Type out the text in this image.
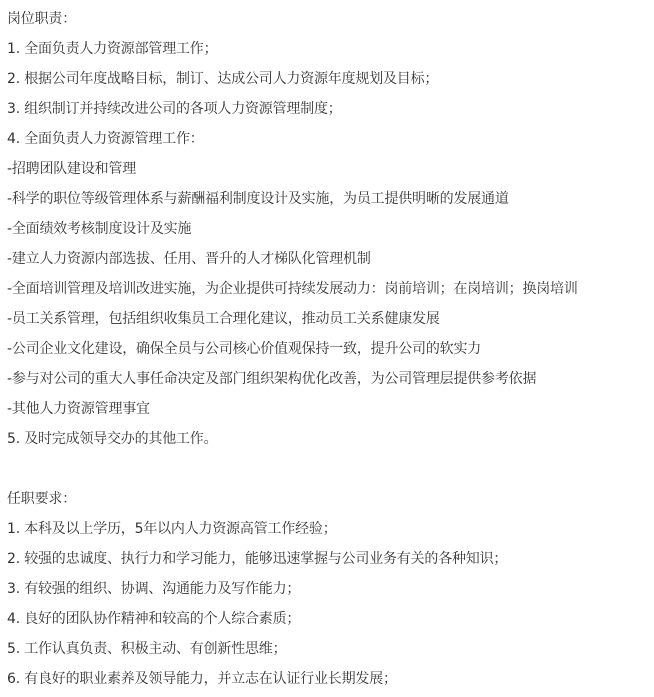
岗位职责：
1. 全面负责人力资源部管理工作；
2. 根据公司年度战略目标，制订、达成公司人力资源年度规划及目标；
3. 组织制订并持续改进公司的各项人力资源管理制度；
4. 全面负责人力资源管理工作：
-招聘团队建设和管理
-科学的职位等级管理体系与薪酬福利制度设计及实施，为员工提供明晰的发展通道
-全面绩效考核制度设计及实施
-建立人力资源内部选拔、任用、晋升的人才梯队化管理机制
-全面培训管理及培训改进实施，为企业提供可持续发展动力：岗前培训；在岗培训；换岗培训
-员工关系管理，包括组织收集员工合理化建议，推动员工关系健康发展
-公司企业文化建设，确保全员与公司核心价值观保持一致，提升公司的软实力
-参与对公司的重大人事任命决定及部门组织架构优化改善，为公司管理层提供参考依据
-其他人力资源管理事宜
5. 及时完成领导交办的其他工作。
任职要求：
1. 本科及以上学历，5年以内人力资源高管工作经验；
2. 较强的忠诚度、执行力和学习能力，能够迅速掌握与公司业务有关的各种知识；
3. 有较强的组织、协调、沟通能力及写作能力；
4. 良好的团队协作精神和较高的个人综合素质；
5. 工作认真负责、积极主动、有创新性思维；
6. 有良好的职业素养及领导能力，并立志在认证行业长期发展；
